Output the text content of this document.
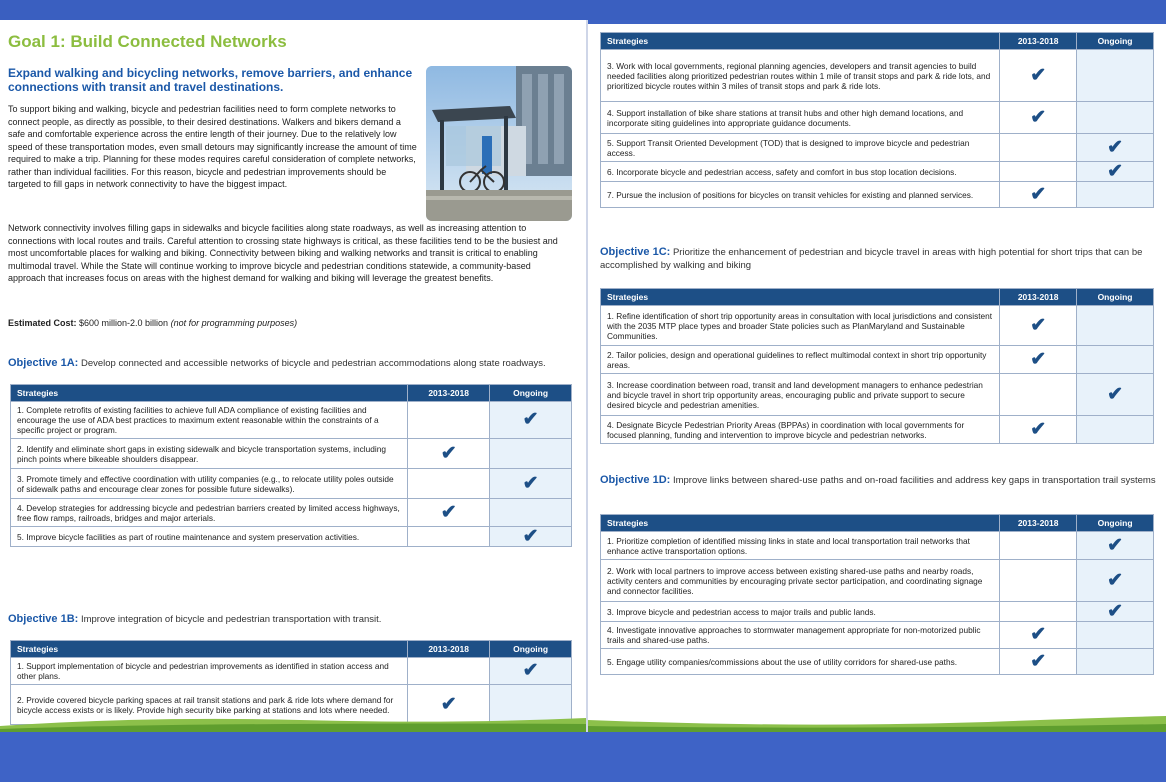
Goal 1: Build Connected Networks
Expand walking and bicycling networks, remove barriers, and enhance connections with transit and travel destinations.
To support biking and walking, bicycle and pedestrian facilities need to form complete networks to connect people, as directly as possible, to their desired destinations. Walkers and bikers demand a safe and comfortable experience across the entire length of their journey. Due to the relatively low speed of these transportation modes, even small detours may significantly increase the amount of time required to make a trip. Planning for these modes requires careful consideration of complete networks, rather than individual facilities. For this reason, bicycle and pedestrian improvements should be targeted to fill gaps in network connectivity to have the biggest impact.
Network connectivity involves filling gaps in sidewalks and bicycle facilities along state roadways, as well as increasing attention to connections with local routes and trails. Careful attention to crossing state highways is critical, as these facilities tend to be the busiest and most uncomfortable places for walking and biking. Connectivity between biking and walking networks and transit is critical to enabling multimodal travel. While the State will continue working to improve bicycle and pedestrian conditions statewide, a community-based approach that increases focus on areas with the highest demand for walking and biking will leverage the greatest benefits.
Estimated Cost: $600 million-2.0 billion (not for programming purposes)
Objective 1A: Develop connected and accessible networks of bicycle and pedestrian accommodations along state roadways.
Strategies	2013-2018	Ongoing
1. Complete retrofits of existing facilities to achieve full ADA compliance of existing facilities and encourage the use of ADA best practices to maximum extent reasonable within the constraints of a specific project or program.		✔
2. Identify and eliminate short gaps in existing sidewalk and bicycle transportation systems, including pinch points where bikeable shoulders disappear.	✔	
3. Promote timely and effective coordination with utility companies (e.g., to relocate utility poles outside of sidewalk paths and encourage clear zones for possible future sidewalks).		✔
4. Develop strategies for addressing bicycle and pedestrian barriers created by limited access highways, free flow ramps, railroads, bridges and major arterials.	✔	
5. Improve bicycle facilities as part of routine maintenance and system preservation activities.		✔
Objective 1B: Improve integration of bicycle and pedestrian transportation with transit.
Strategies	2013-2018	Ongoing
1. Support implementation of bicycle and pedestrian improvements as identified in station access and other plans.		✔
2. Provide covered bicycle parking spaces at rail transit stations and park & ride lots where demand for bicycle access exists or is likely. Provide high security bike parking at stations and lots where needed.	✔	
Strategies	2013-2018	Ongoing
3. Work with local governments, regional planning agencies, developers and transit agencies to build needed facilities along prioritized pedestrian routes within 1 mile of transit stops and park & ride lots, and prioritized bicycle routes within 3 miles of transit stops and park & ride lots.	✔	
4. Support installation of bike share stations at transit hubs and other high demand locations, and incorporate siting guidelines into appropriate guidance documents.	✔	
5. Support Transit Oriented Development (TOD) that is designed to improve bicycle and pedestrian access.		✔
6. Incorporate bicycle and pedestrian access, safety and comfort in bus stop location decisions.		✔
7. Pursue the inclusion of positions for bicycles on transit vehicles for existing and planned services.	✔	
Objective 1C: Prioritize the enhancement of pedestrian and bicycle travel in areas with high potential for short trips that can be accomplished by walking and biking
Strategies	2013-2018	Ongoing
1. Refine identification of short trip opportunity areas in consultation with local jurisdictions and consistent with the 2035 MTP place types and broader State policies such as PlanMaryland and Sustainable Communities.	✔	
2. Tailor policies, design and operational guidelines to reflect multimodal context in short trip opportunity areas.	✔	
3. Increase coordination between road, transit and land development managers to enhance pedestrian and bicycle travel in short trip opportunity areas, encouraging public and private support to secure desired bicycle and pedestrian amenities.		✔
4. Designate Bicycle Pedestrian Priority Areas (BPPAs) in coordination with local governments for focused planning, funding and intervention to improve bicycle and pedestrian networks.	✔	
Objective 1D: Improve links between shared-use paths and on-road facilities and address key gaps in transportation trail systems
Strategies	2013-2018	Ongoing
1. Prioritize completion of identified missing links in state and local transportation trail networks that enhance active transportation options.		✔
2. Work with local partners to improve access between existing shared-use paths and nearby roads, activity centers and communities by encouraging private sector participation, and coordinating signage and connector facilities.		✔
3. Improve bicycle and pedestrian access to major trails and public lands.		✔
4. Investigate innovative approaches to stormwater management appropriate for non-motorized public trails and shared-use paths.	✔	
5. Engage utility companies/commissions about the use of utility corridors for shared-use paths.	✔	
